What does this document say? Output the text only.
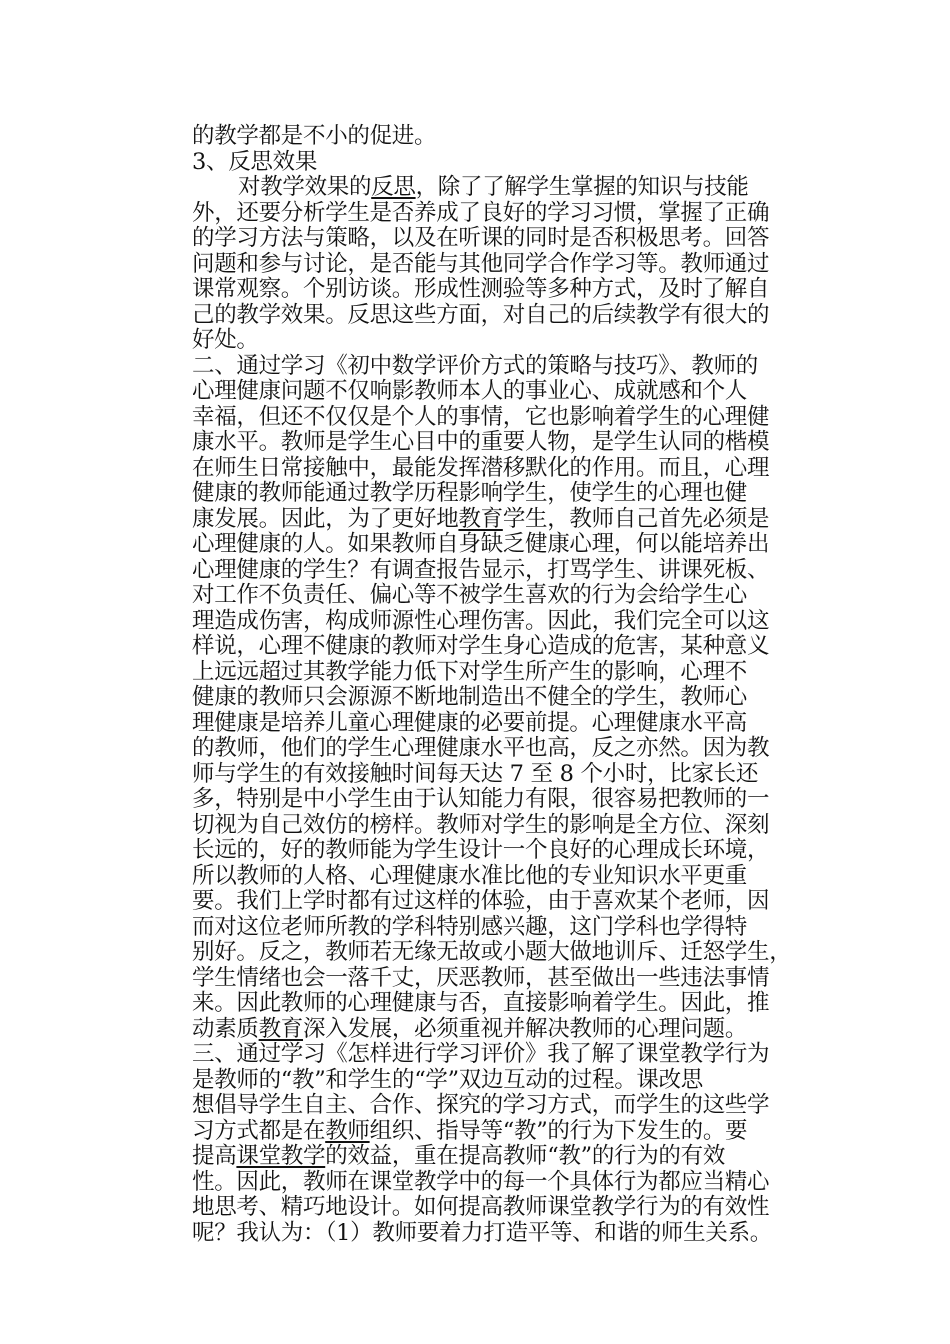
的教学都是不小的促进。
3、反思效果
对教学效果的反思，除了了解学生掌握的知识与技能
外，还要分析学生是否养成了良好的学习习惯，掌握了正确
的学习方法与策略，以及在听课的同时是否积极思考。回答
问题和参与讨论，是否能与其他同学合作学习等。教师通过
课常观察。个别访谈。形成性测验等多种方式，及时了解自
己的教学效果。反思这些方面，对自己的后续教学有很大的
好处。
二、通过学习《初中数学评价方式的策略与技巧》、教师的
心理健康问题不仅响影教师本人的事业心、成就感和个人
幸福，但还不仅仅是个人的事情，它也影响着学生的心理健
康水平。教师是学生心目中的重要人物，是学生认同的楷模
在师生日常接触中，最能发挥潜移默化的作用。而且，心理
健康的教师能通过教学历程影响学生，使学生的心理也健
康发展。因此，为了更好地教育学生，教师自己首先必须是
心理健康的人。如果教师自身缺乏健康心理，何以能培养出
心理健康的学生？有调查报告显示，打骂学生、讲课死板、
对工作不负责任、偏心等不被学生喜欢的行为会给学生心
理造成伤害，构成师源性心理伤害。因此，我们完全可以这
样说，心理不健康的教师对学生身心造成的危害，某种意义
上远远超过其教学能力低下对学生所产生的影响，心理不
健康的教师只会源源不断地制造出不健全的学生，教师心
理健康是培养儿童心理健康的必要前提。心理健康水平高
的教师，他们的学生心理健康水平也高，反之亦然。因为教
师与学生的有效接触时间每天达 7 至 8 个小时，比家长还
多，特别是中小学生由于认知能力有限，很容易把教师的一
切视为自己效仿的榜样。教师对学生的影响是全方位、深刻
长远的，好的教师能为学生设计一个良好的心理成长环境，
所以教师的人格、心理健康水准比他的专业知识水平更重
要。我们上学时都有过这样的体验，由于喜欢某个老师，因
而对这位老师所教的学科特别感兴趣，这门学科也学得特
别好。反之，教师若无缘无故或小题大做地训斥、迁怒学生，
学生情绪也会一落千丈，厌恶教师，甚至做出一些违法事情
来。因此教师的心理健康与否，直接影响着学生。因此，推
动素质教育深入发展，必须重视并解决教师的心理问题。
三、通过学习《怎样进行学习评价》我了解了课堂教学行为
是教师的“教”和学生的“学”双边互动的过程。课改思
想倡导学生自主、合作、探究的学习方式，而学生的这些学
习方式都是在教师组织、指导等“教”的行为下发生的。要
提高课堂教学的效益，重在提高教师“教”的行为的有效
性。因此，教师在课堂教学中的每一个具体行为都应当精心
地思考、精巧地设计。如何提高教师课堂教学行为的有效性
呢？我认为：（1）教师要着力打造平等、和谐的师生关系。
